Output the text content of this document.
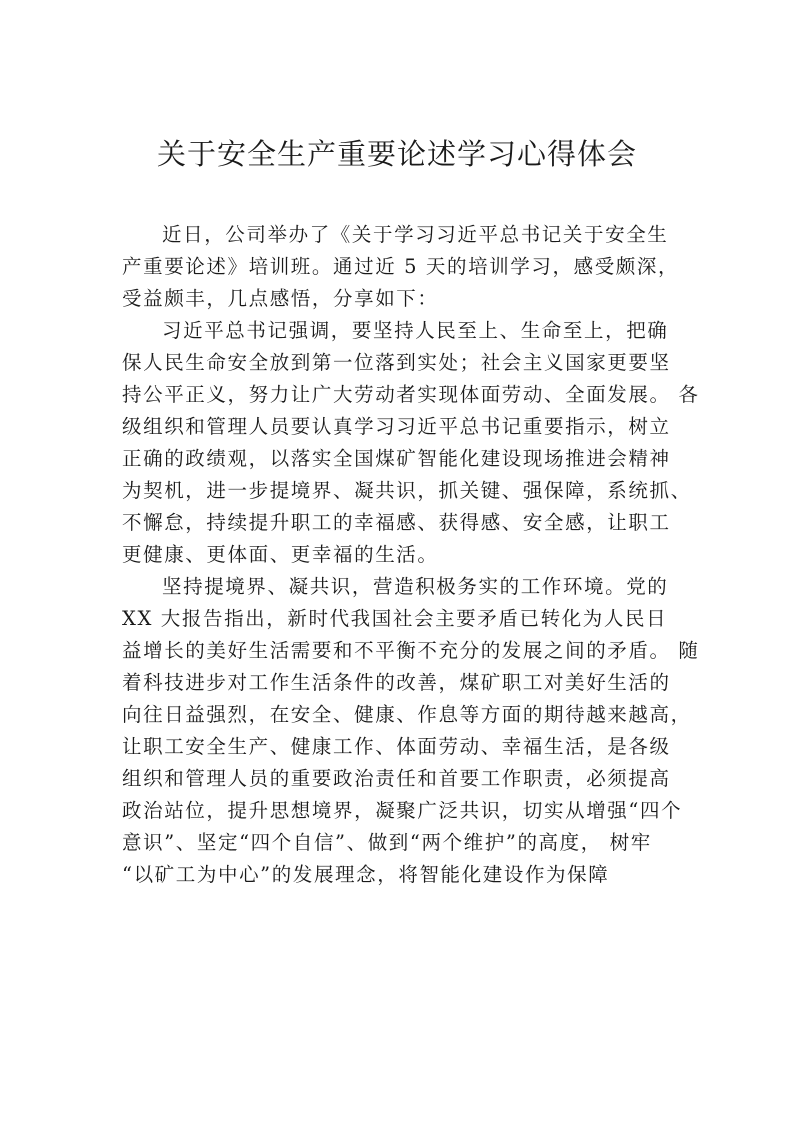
关于安全生产重要论述学习心得体会
近日，公司举办了《关于学习习近平总书记关于安全生
产重要论述》培训班。通过近 5 天的培训学习，感受颇深，
受益颇丰，几点感悟，分享如下：
习近平总书记强调，要坚持人民至上、生命至上，把确
保人民生命安全放到第一位落到实处；社会主义国家更要坚
持公平正义，努力让广大劳动者实现体面劳动、全面发展。 各
级组织和管理人员要认真学习习近平总书记重要指示，树立
正确的政绩观，以落实全国煤矿智能化建设现场推进会精神
为契机，进一步提境界、凝共识，抓关键、强保障，系统抓、
不懈怠，持续提升职工的幸福感、获得感、安全感，让职工
更健康、更体面、更幸福的生活。
坚持提境界、凝共识，营造积极务实的工作环境。党的
XX 大报告指出，新时代我国社会主要矛盾已转化为人民日
益增长的美好生活需要和不平衡不充分的发展之间的矛盾。 随
着科技进步对工作生活条件的改善，煤矿职工对美好生活的
向往日益强烈，在安全、健康、作息等方面的期待越来越高，
让职工安全生产、健康工作、体面劳动、幸福生活，是各级
组织和管理人员的重要政治责任和首要工作职责，必须提高
政治站位，提升思想境界，凝聚广泛共识，切实从增强“四个
意识”、坚定“四个自信”、做到“两个维护”的高度， 树牢
“以矿工为中心”的发展理念，将智能化建设作为保障
